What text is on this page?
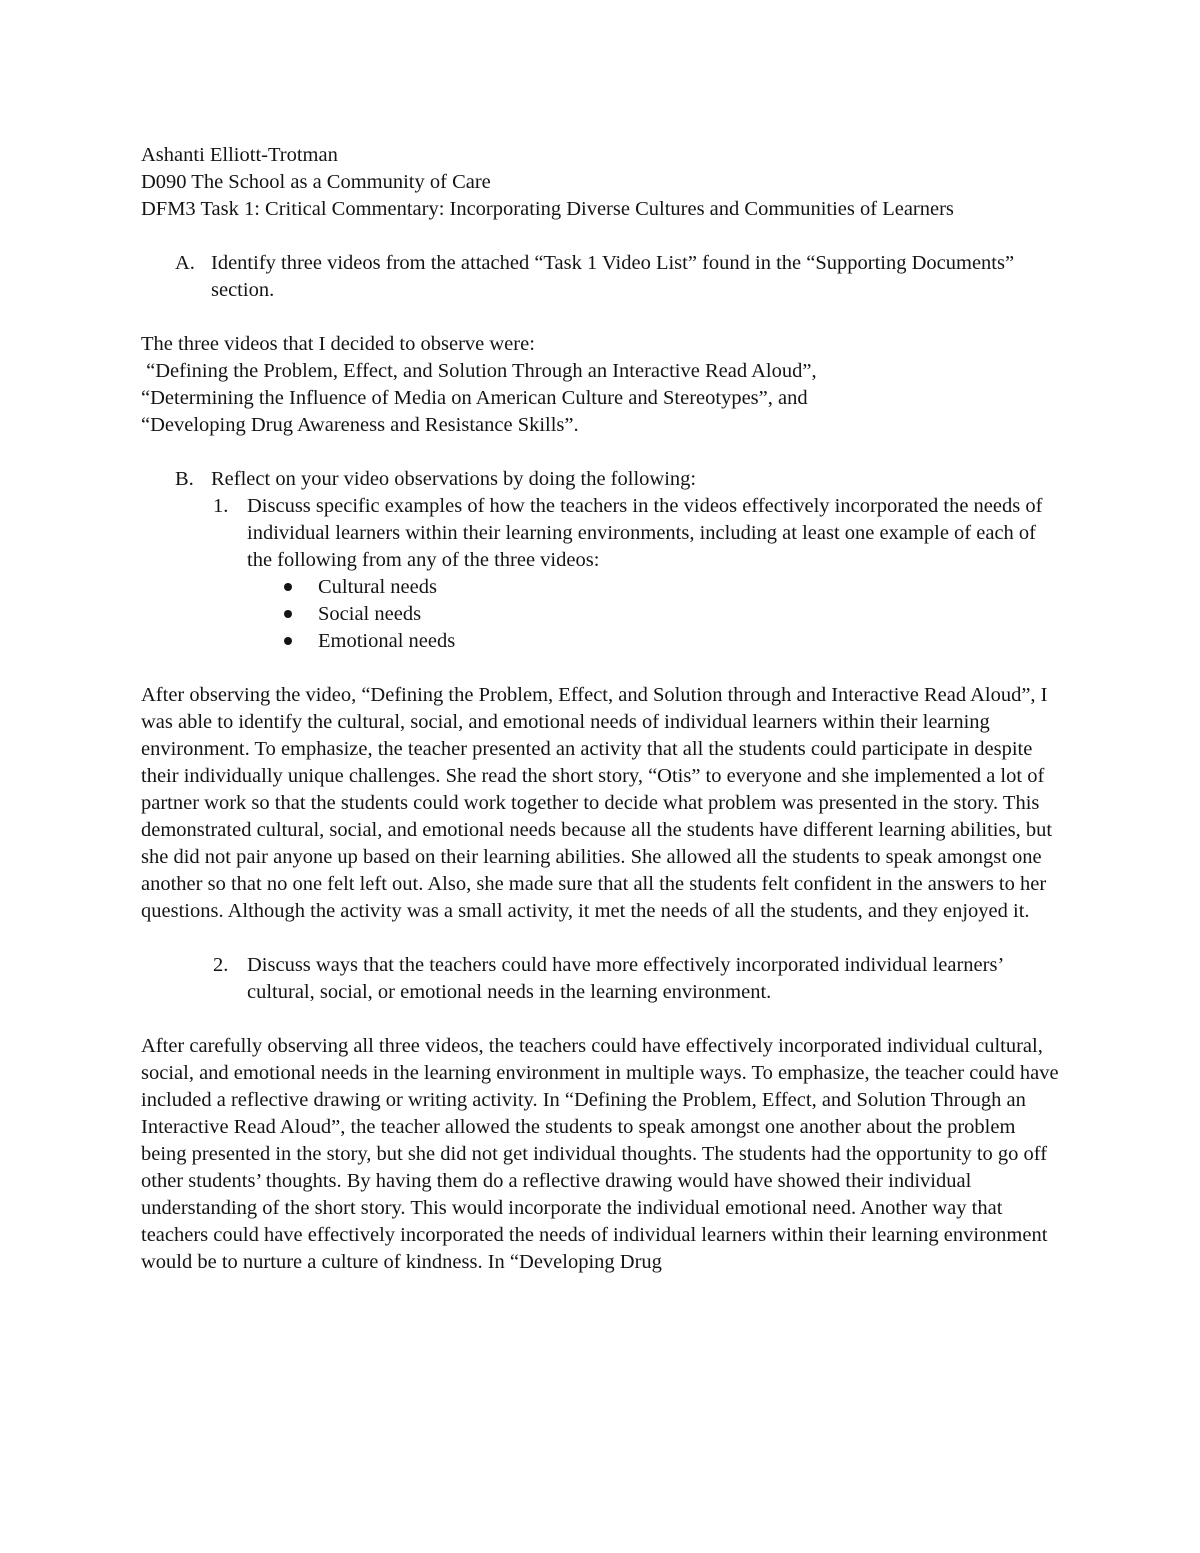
Ashanti Elliott-Trotman

D090 The School as a Community of Care

DFM3 Task 1: Critical Commentary: Incorporating Diverse Cultures and Communities of Learners

A. Identify three videos from the attached “Task 1 Video List” found in the “Supporting Documents” section.

The three videos that I decided to observe were:

“Defining the Problem, Effect, and Solution Through an Interactive Read Aloud”,

“Determining the Influence of Media on American Culture and Stereotypes”, and

“Developing Drug Awareness and Resistance Skills”.

B. Reflect on your video observations by doing the following:

1. Discuss specific examples of how the teachers in the videos effectively incorporated the needs of individual learners within their learning environments, including at least one example of each of the following from any of the three videos:

Cultural needs
Social needs
Emotional needs

After observing the video, “Defining the Problem, Effect, and Solution through and Interactive Read Aloud”, I was able to identify the cultural, social, and emotional needs of individual learners within their learning environment. To emphasize, the teacher presented an activity that all the students could participate in despite their individually unique challenges. She read the short story, “Otis” to everyone and she implemented a lot of partner work so that the students could work together to decide what problem was presented in the story. This demonstrated cultural, social, and emotional needs because all the students have different learning abilities, but she did not pair anyone up based on their learning abilities. She allowed all the students to speak amongst one another so that no one felt left out. Also, she made sure that all the students felt confident in the answers to her questions. Although the activity was a small activity, it met the needs of all the students, and they enjoyed it.

2. Discuss ways that the teachers could have more effectively incorporated individual learners’ cultural, social, or emotional needs in the learning environment.

After carefully observing all three videos, the teachers could have effectively incorporated individual cultural, social, and emotional needs in the learning environment in multiple ways. To emphasize, the teacher could have included a reflective drawing or writing activity. In “Defining the Problem, Effect, and Solution Through an Interactive Read Aloud”, the teacher allowed the students to speak amongst one another about the problem being presented in the story, but she did not get individual thoughts. The students had the opportunity to go off other students’ thoughts. By having them do a reflective drawing would have showed their individual understanding of the short story. This would incorporate the individual emotional need. Another way that teachers could have effectively incorporated the needs of individual learners within their learning environment would be to nurture a culture of kindness. In “Developing Drug
